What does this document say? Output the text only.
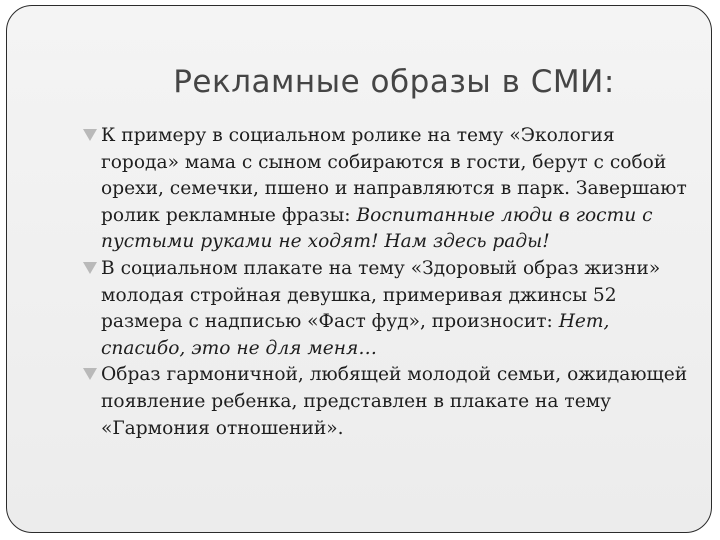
Рекламные образы в СМИ:

К примеру в социальном ролике на тему «Экология города» мама с сыном собираются в гости, берут с собой орехи, семечки, пшено и направляются в парк. Завершают ролик рекламные фразы: Воспитанные люди в гости с пустыми руками не ходят! Нам здесь рады!

В социальном плакате на тему «Здоровый образ жизни» молодая стройная девушка, примеривая джинсы 52 размера с надписью «Фаст фуд», произносит: Нет, спасибо, это не для меня…

Образ гармоничной, любящей молодой семьи, ожидающей появление ребенка, представлен в плакате на тему «Гармония отношений».
